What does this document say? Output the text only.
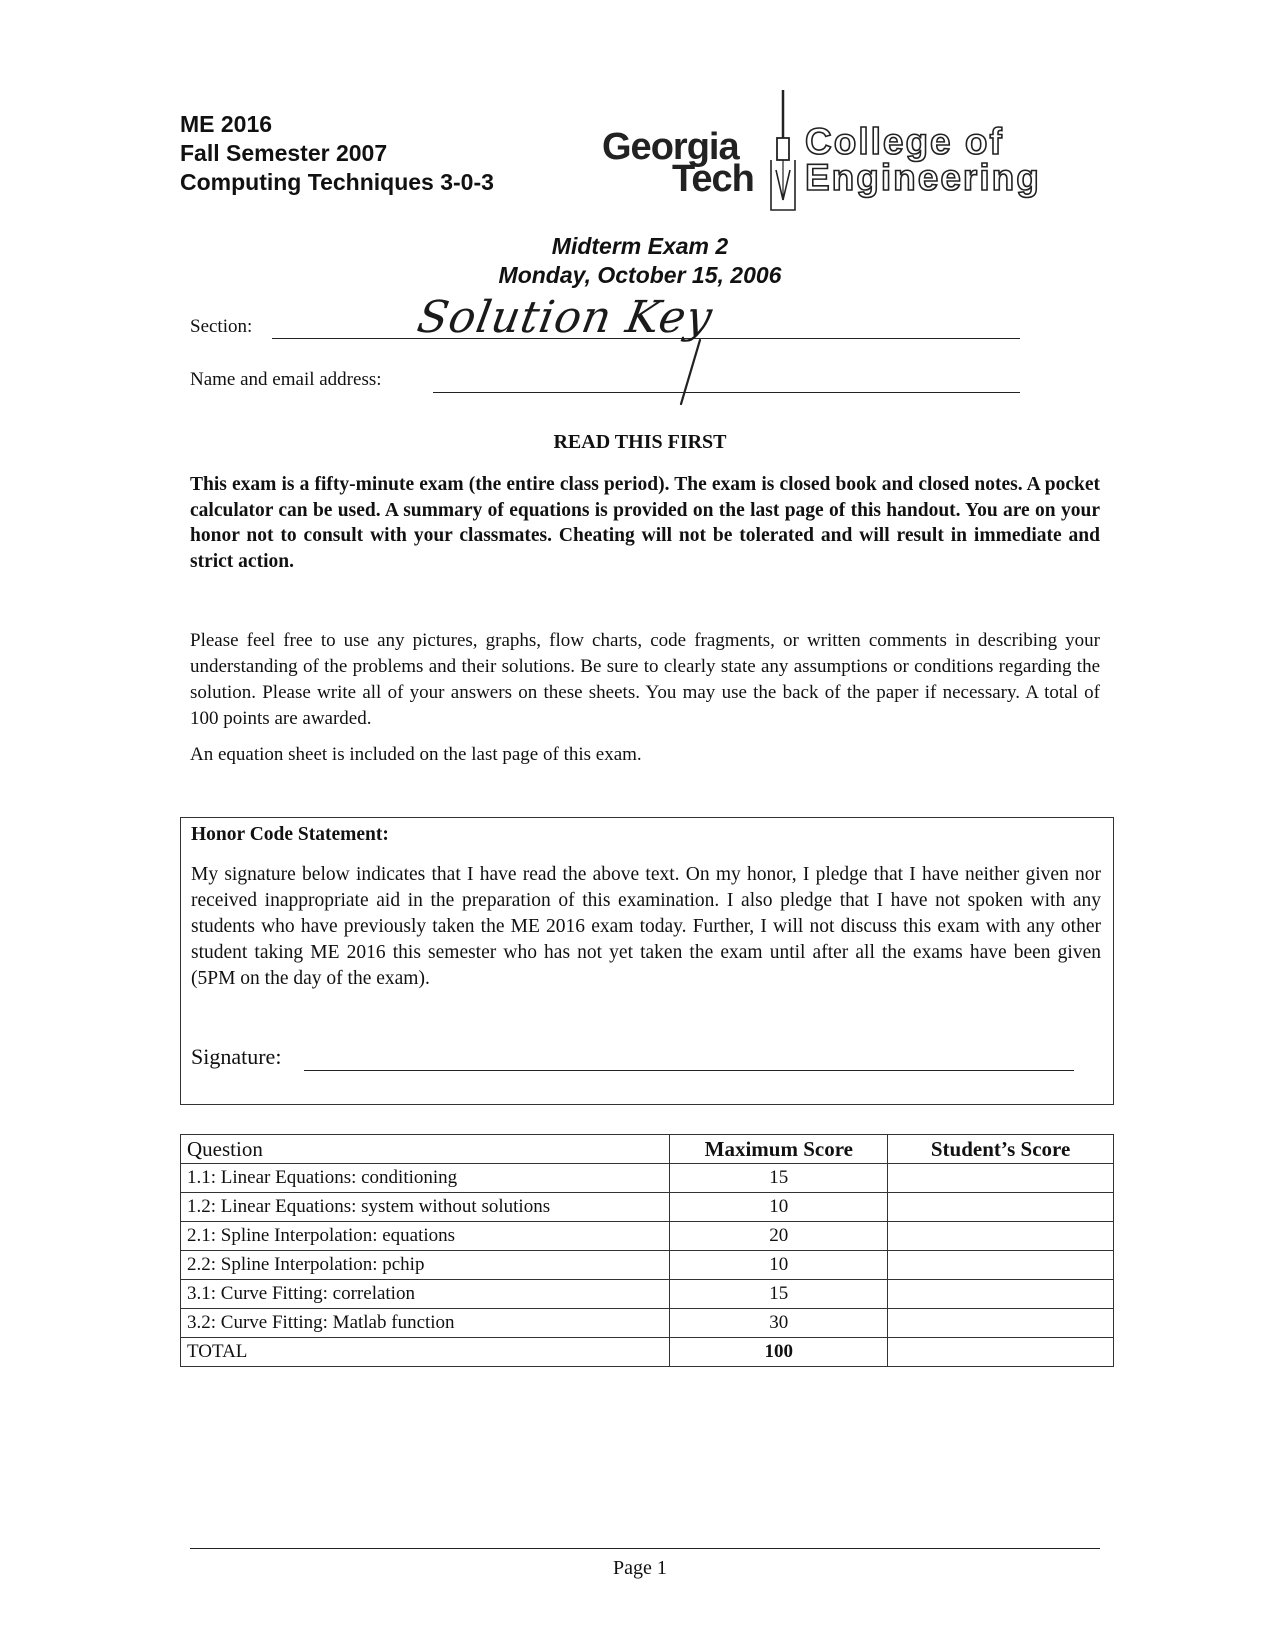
ME 2016
Fall Semester 2007
Computing Techniques 3-0-3
Georgia
Tech
College of
Engineering
Midterm Exam 2
Monday, October 15, 2006
Section:	Solution Key
Name and email address:
READ THIS FIRST
This exam is a fifty-minute exam (the entire class period). The exam is closed book and closed notes. A pocket calculator can be used. A summary of equations is provided on the last page of this handout. You are on your honor not to consult with your classmates. Cheating will not be tolerated and will result in immediate and strict action.
Please feel free to use any pictures, graphs, flow charts, code fragments, or written comments in describing your understanding of the problems and their solutions. Be sure to clearly state any assumptions or conditions regarding the solution. Please write all of your answers on these sheets. You may use the back of the paper if necessary. A total of 100 points are awarded.
An equation sheet is included on the last page of this exam.
Honor Code Statement:
My signature below indicates that I have read the above text. On my honor, I pledge that I have neither given nor received inappropriate aid in the preparation of this examination. I also pledge that I have not spoken with any students who have previously taken the ME 2016 exam today. Further, I will not discuss this exam with any other student taking ME 2016 this semester who has not yet taken the exam until after all the exams have been given (5PM on the day of the exam).
Signature:
Question	Maximum Score	Student’s Score
1.1: Linear Equations: conditioning	15	
1.2: Linear Equations: system without solutions	10	
2.1: Spline Interpolation: equations	20	
2.2: Spline Interpolation: pchip	10	
3.1: Curve Fitting: correlation	15	
3.2: Curve Fitting: Matlab function	30	
TOTAL	100	
Page 1
